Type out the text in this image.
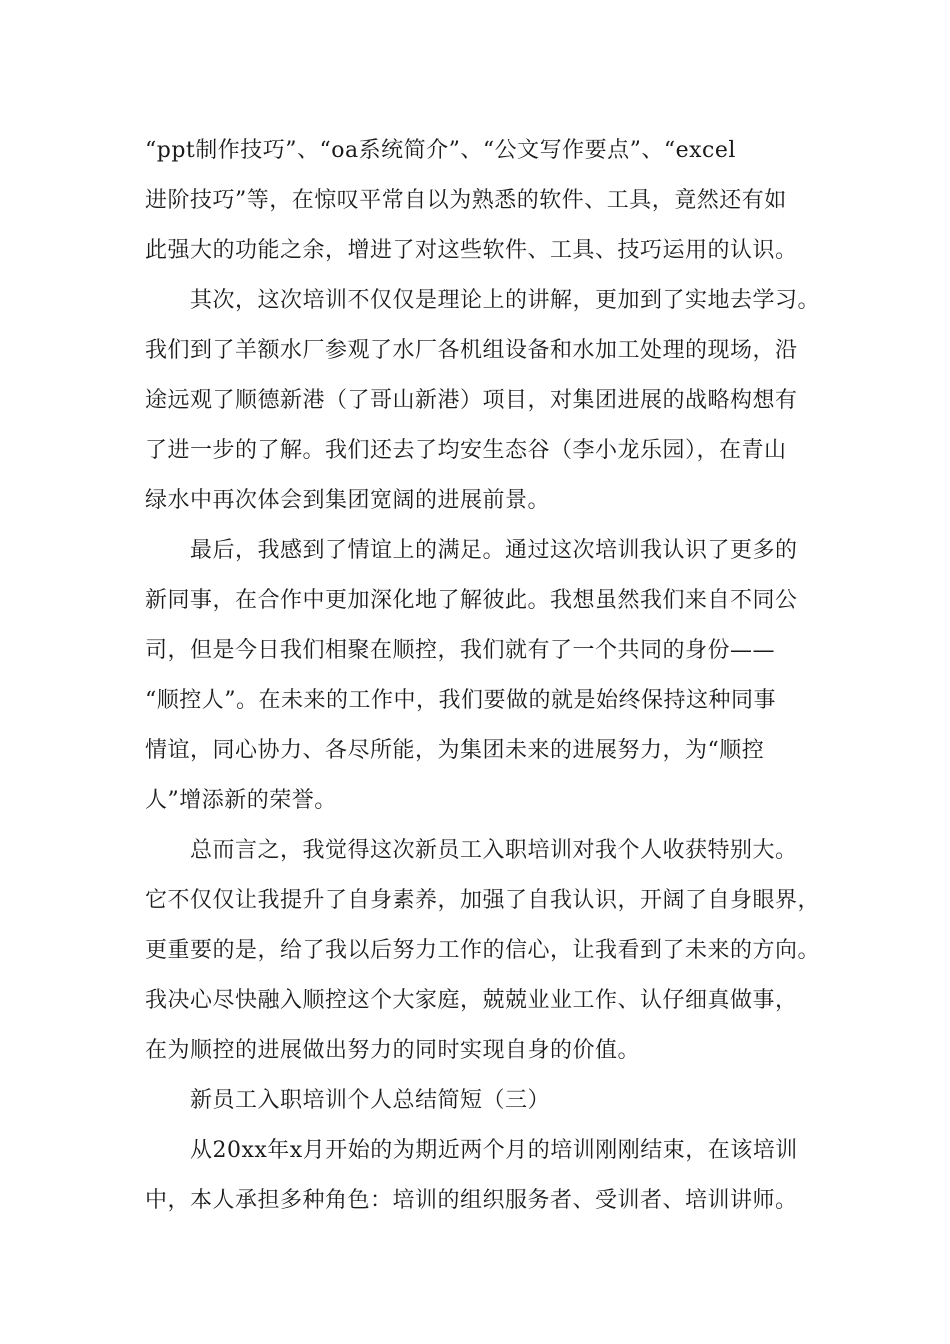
“ppt制作技巧”、“oa系统简介”、“公文写作要点”、“excel
进阶技巧”等，在惊叹平常自以为熟悉的软件、工具，竟然还有如
此强大的功能之余，增进了对这些软件、工具、技巧运用的认识。
其次，这次培训不仅仅是理论上的讲解，更加到了实地去学习。
我们到了羊额水厂参观了水厂各机组设备和水加工处理的现场，沿
途远观了顺德新港（了哥山新港）项目，对集团进展的战略构想有
了进一步的了解。我们还去了均安生态谷（李小龙乐园），在青山
绿水中再次体会到集团宽阔的进展前景。
最后，我感到了情谊上的满足。通过这次培训我认识了更多的
新同事，在合作中更加深化地了解彼此。我想虽然我们来自不同公
司，但是今日我们相聚在顺控，我们就有了一个共同的身份——
“顺控人”。在未来的工作中，我们要做的就是始终保持这种同事
情谊，同心协力、各尽所能，为集团未来的进展努力，为“顺控
人”增添新的荣誉。
总而言之，我觉得这次新员工入职培训对我个人收获特别大。
它不仅仅让我提升了自身素养，加强了自我认识，开阔了自身眼界，
更重要的是，给了我以后努力工作的信心，让我看到了未来的方向。
我决心尽快融入顺控这个大家庭，兢兢业业工作、认仔细真做事，
在为顺控的进展做出努力的同时实现自身的价值。
新员工入职培训个人总结简短（三）
从20xx年x月开始的为期近两个月的培训刚刚结束，在该培训
中，本人承担多种角色：培训的组织服务者、受训者、培训讲师。
